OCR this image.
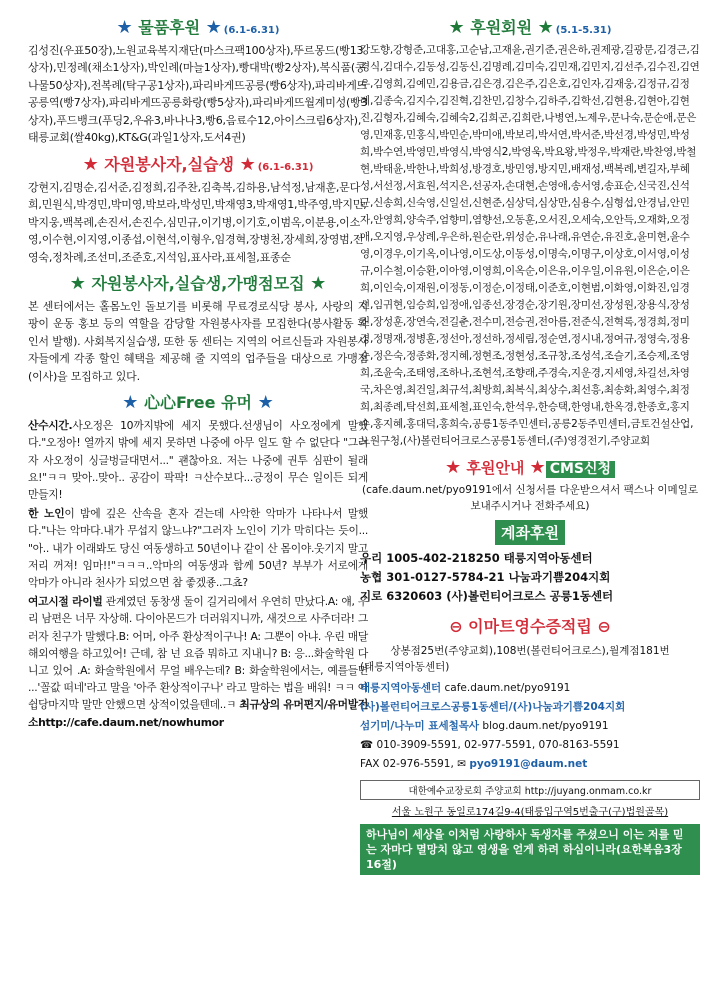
★ 물품후원 ★ (6.1-6.31)
김성진(우표50장),노원교육복지재단(마스크팩100상자),뚜르몽드(빵13상자),민정례(채소1상자),박인례(마늘1상자),빵대박(빵2상자),복식품(콩나물50상자),전복례(탁구공1상자),파리바게뜨공릉(빵6상자),파리바게뜨공릉역(빵7상자),파리바게뜨공릉화랑(빵5상자),파리바게뜨월계미성(빵3상자),푸드뱅크(푸딩2,우유3,바나나3,빵6,음료수12,아이스크림6상자),태릉교회(쌀40kg),KT&G(과일1상자,도서4권)
★ 자원봉사자,실습생 ★ (6.1-6.31)
강현지,김명순,김서준,김정희,김주찬,김축복,김하용,남석정,남재훈,문다희,민원식,박경민,박미영,박보라,박성민,박재영3,박재영1,박주영,박지민,박지웅,백복례,손진서,손진수,심민규,이기병,이기호,이범옥,이분용,이소영,이수현,이지영,이종섭,이현석,이형우,임경혁,장병천,장세희,장영범,전영숙,정차례,조선미,조준호,지석임,표사라,표세철,표종순
★ 자원봉사자,실습생,가맹점모집 ★
본 센터에서는 홀몸노인 돌보기를 비롯해 무료경로식당 봉사, 사랑의 지팡이 운동 홍보 등의 역할을 감당할 자원봉사자를 모집한다(봉사활동 확인서 발행). 사회복지실습생, 또한 동 센터는 지역의 어르신들과 자원봉사자들에게 각종 할인 혜택을 제공해 줄 지역의 업주들을 대상으로 가맹점(이사)을 모집하고 있다.
★ 心心Free 유머 ★

산수시간.사오정은 10까지밖에 세지 못했다.선생님이 사오정에게 말했다."오정아! 열까지 밖에 세지 못하면 나중에 아무 일도 할 수 없단다 "그러자 사오정이 싱글벙글대면서..." 괜찮아요. 저는 나중에 권투 심판이 될래요!"ㅋㅋ 맞아..맞아.. 공감이 팍팍! ㅋ산수보다...긍정이 무슨 일이든 되게 만들지!

한 노인이 밤에 깊은 산속을 혼자 걷는데 사악한 악마가 나타나서 말했다."나는 악마다.내가 무섭지 않느냐?"그러자 노인이 기가 막히다는 듯이... "아.. 내가 이래봐도 당신 여동생하고 50년이나 같이 산 몸이야.웃기지 말고 저리 꺼져! 임마!!"ㅋㅋㅋ..악마의 여동생과 함께 50년? 부부가 서로에게 악마가 아니라 천사가 되었으면 참 좋겠죵..그쵸?

여고시절 라이벌 관계였던 동창생 둘이 길거리에서 우연히 만났다.A: 얘, 우리 남편은 너무 자상해. 다이아몬드가 더러워지니까, 새것으로 사주더라! 그러자 친구가 말했다.B: 어머, 아주 환상적이구나! A: 그뿐이 아냐. 우린 매달 해외여행을 하고있어! 근데, 참 넌 요즘 뭐하고 지내니? B: 응...화술학원 다니고 있어 .A: 화술학원에서 무얼 배우는데? B: 화술학원에서는, 예를들면 ...'꼴값 떠네'라고 말을 '아주 환상적이구나' 라고 말하는 법을 배워! ㅋㅋ 아쉽당마지막 말만 안했으면 상적이었을텐데..ㅋ 최규상의 유머편지/유머발전소http://cafe.daum.net/nowhumor

★ 후원회원 ★ (5.1-5.31)
강도향,강형준,고대홍,고순남,고재윤,권기준,권은하,권제광,길광문,김경근,김경식,김대수,김동성,김동신,김명례,김미숙,김민재,김민지,김선주,김수진,김연우,김영희,김예민,김용금,김은경,김은주,김은호,김인자,김재웅,김정규,김정례,김종숙,김지수,김진혁,김찬민,김창수,김하주,김학선,김현용,김현아,김현진,김형자,김혜숙,김혜숙2,김희곤,김희란,나병연,노제우,문나숙,문순애,문은영,민재홍,민홍식,박민순,박미애,박보리,박서연,박서준,박선경,박성민,박성희,박수연,박영민,박영식,박영식2,박영욱,박요왕,박정우,박재란,박찬영,박철현,박태윤,박한나,박희성,방경호,방민영,방지민,배재성,백복례,변길자,부혜성,서선정,서효원,석지은,선공자,손대현,손영애,송서영,송표순,신국진,신석균,신송희,신숙영,신일선,신현준,심상덕,심상만,심용수,심형섭,안경님,안민자,안영희,양숙주,엄향미,염향선,오동훈,오서진,오세숙,오안득,오재화,오정애,오지영,우상례,우은하,원순란,위성순,유나래,유연순,유진호,윤미현,윤수영,이경우,이기옥,이나영,이도상,이동성,이명숙,이명구,이상호,이서영,이성규,이수철,이승환,이아영,이영희,이옥순,이은유,이우일,이유원,이은순,이은희,이인숙,이재원,이정동,이정순,이정태,이준호,이현범,이화영,이화진,임경선,임귀현,임승희,임정애,임종선,장경순,장기원,장미선,장성원,장용식,장성진,장성훈,장연숙,전길춘,전수미,전승권,전아름,전준식,전혁록,정경희,정미경,정명재,정병훈,정선아,정선하,정세림,정순연,정시내,정여규,정영숙,정용순,정은숙,정종화,정지혜,정현조,정현성,조규창,조성석,조슬기,조승제,조영희,조윤숙,조태영,조하나,조현석,조향래,주경숙,지운경,지세영,차길선,차영국,차은영,최건일,최규석,최방희,최복식,최상수,최선흥,최송화,최영수,최정희,최종례,탁선희,표세철,표인숙,한석우,한승택,한영내,한옥경,한종호,홍지수,홍지혜,홍대덕,홍희숙,공릉1동주민센터,공릉2동주민센터,금토건설산업,노원구청,(사)볼런티어크로스공릉1동센터,(주)영경전기,주양교회
★ 후원안내 ★ CMS신청
(cafe.daum.net/pyo9191에서 신청서를 다운받으셔서 팩스나 이메일로 보내주시거나 전화주세요)
계좌후원
우리 1005-402-218250 태릉지역아동센터
농협 301-0127-5784-21 나눔과기쁨204지회
지로 6320603 (사)볼런티어크로스 공릉1동센터
⊖ 이마트영수증적립 ⊖
상봉점25번(주양교회),108번(볼런티어크로스),월계점181번
(태릉지역아동센터)
태릉지역아동센터 cafe.daum.net/pyo9191
(사)볼런티어크로스공릉1동센터/(사)나눔과기쁨204지회
섬기미/나누미 표세철목사 blog.daum.net/pyo9191
☎ 010-3909-5591, 02-977-5591, 070-8163-5591
FAX 02-976-5591, ✉ pyo9191@daum.net
대한예수교장로회 주양교회 http://juyang.onmam.co.kr
서울 노원구 동일로174길9-4(태릉입구역5번출구(구)법원골목)
하나님이 세상을 이처럼 사랑하사 독생자를 주셨으니 이는 저를 믿는 자마다 멸망치 않고 영생을 얻게 하려 하심이니라(요한복음3장16절)
